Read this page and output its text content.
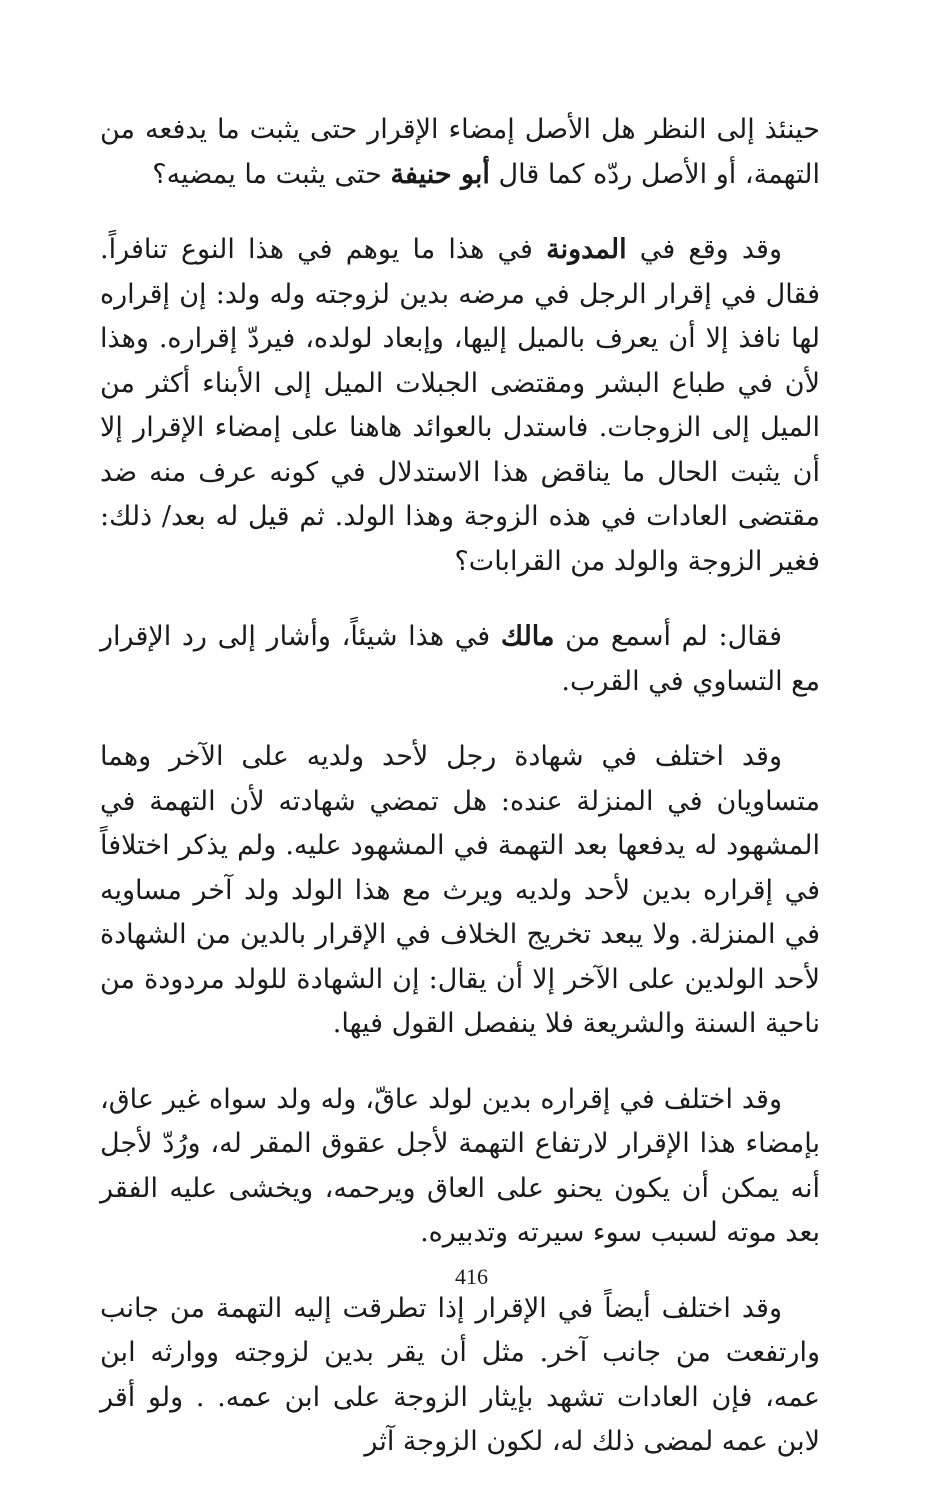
حينئذ إلى النظر هل الأصل إمضاء الإقرار حتى يثبت ما يدفعه من التهمة، أو الأصل ردّه كما قال أبو حنيفة حتى يثبت ما يمضيه؟

وقد وقع في المدونة في هذا ما يوهم في هذا النوع تنافراً. فقال في إقرار الرجل في مرضه بدين لزوجته وله ولد: إن إقراره لها نافذ إلا أن يعرف بالميل إليها، وإبعاد لولده، فيردّ إقراره. وهذا لأن في طباع البشر ومقتضى الجبلات الميل إلى الأبناء أكثر من الميل إلى الزوجات. فاستدل بالعوائد هاهنا على إمضاء الإقرار إلا أن يثبت الحال ما يناقض هذا الاستدلال في كونه عرف منه ضد مقتضى العادات في هذه الزوجة وهذا الولد. ثم قيل له بعد/ ذلك: فغير الزوجة والولد من القرابات؟

فقال: لم أسمع من مالك في هذا شيئاً، وأشار إلى رد الإقرار مع التساوي في القرب.

وقد اختلف في شهادة رجل لأحد ولديه على الآخر وهما متساويان في المنزلة عنده: هل تمضي شهادته لأن التهمة في المشهود له يدفعها بعد التهمة في المشهود عليه. ولم يذكر اختلافاً في إقراره بدين لأحد ولديه ويرث مع هذا الولد ولد آخر مساويه في المنزلة. ولا يبعد تخريج الخلاف في الإقرار بالدين من الشهادة لأحد الولدين على الآخر إلا أن يقال: إن الشهادة للولد مردودة من ناحية السنة والشريعة فلا ينفصل القول فيها.

وقد اختلف في إقراره بدين لولد عاقّ، وله ولد سواه غير عاق، بإمضاء هذا الإقرار لارتفاع التهمة لأجل عقوق المقر له، ورُدّ لأجل أنه يمكن أن يكون يحنو على العاق ويرحمه، ويخشى عليه الفقر بعد موته لسبب سوء سيرته وتدبيره.

وقد اختلف أيضاً في الإقرار إذا تطرقت إليه التهمة من جانب وارتفعت من جانب آخر. مثل أن يقر بدين لزوجته ووارثه ابن عمه، فإن العادات تشهد بإيثار الزوجة على ابن عمه. . ولو أقر لابن عمه لمضى ذلك له، لكون الزوجة آثر

416
